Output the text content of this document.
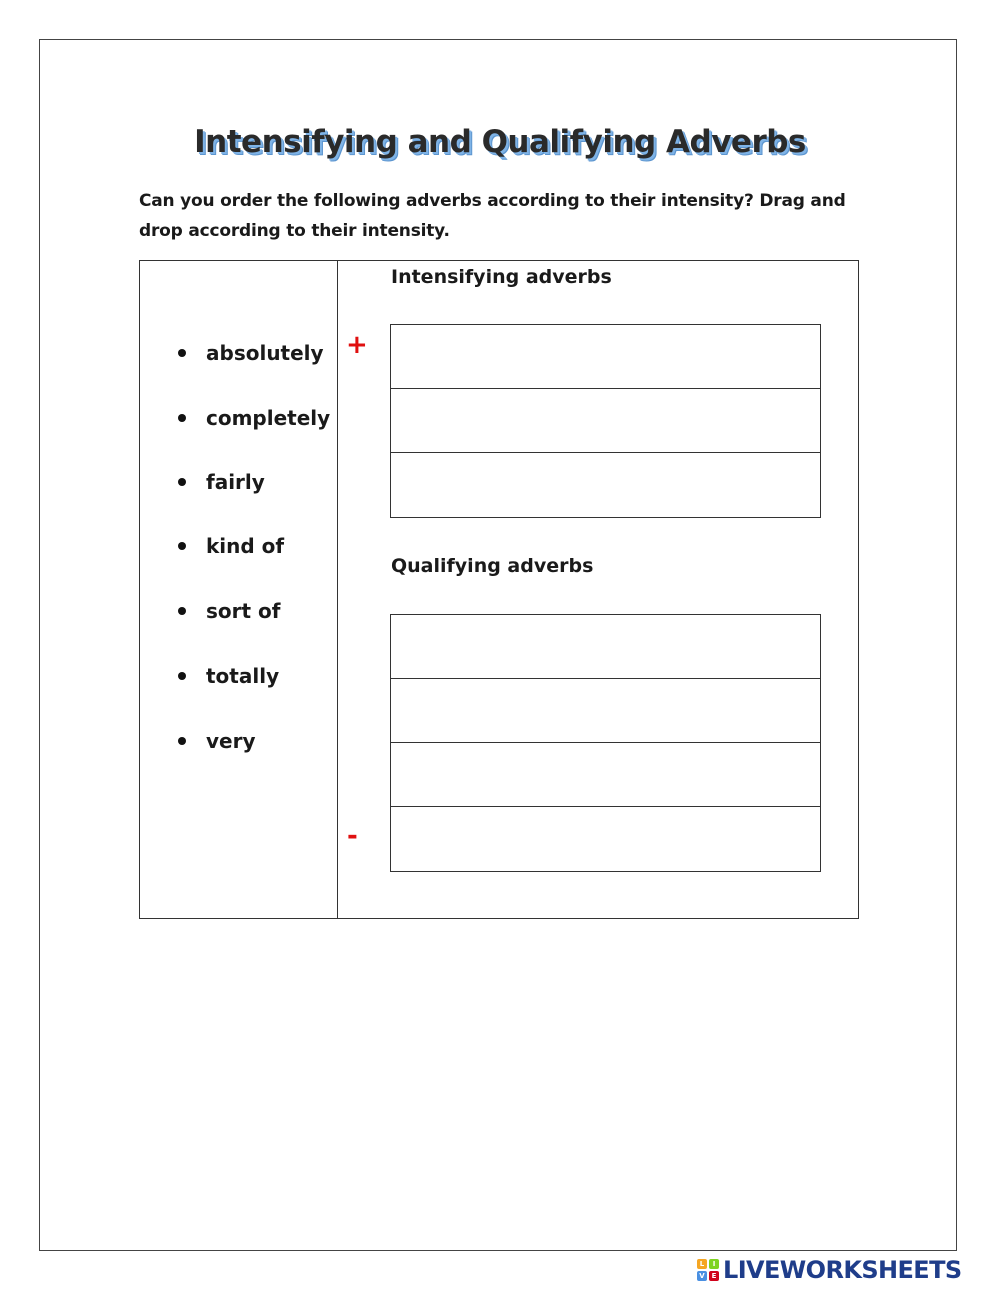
Intensifying and Qualifying Adverbs
Can you order the following adverbs according to their intensity? Drag and drop according to their intensity.
absolutely
completely
fairly
kind of
sort of
totally
very
Intensifying adverbs
+
Qualifying adverbs
-
L	I
V E LIVEWORKSHEETS
